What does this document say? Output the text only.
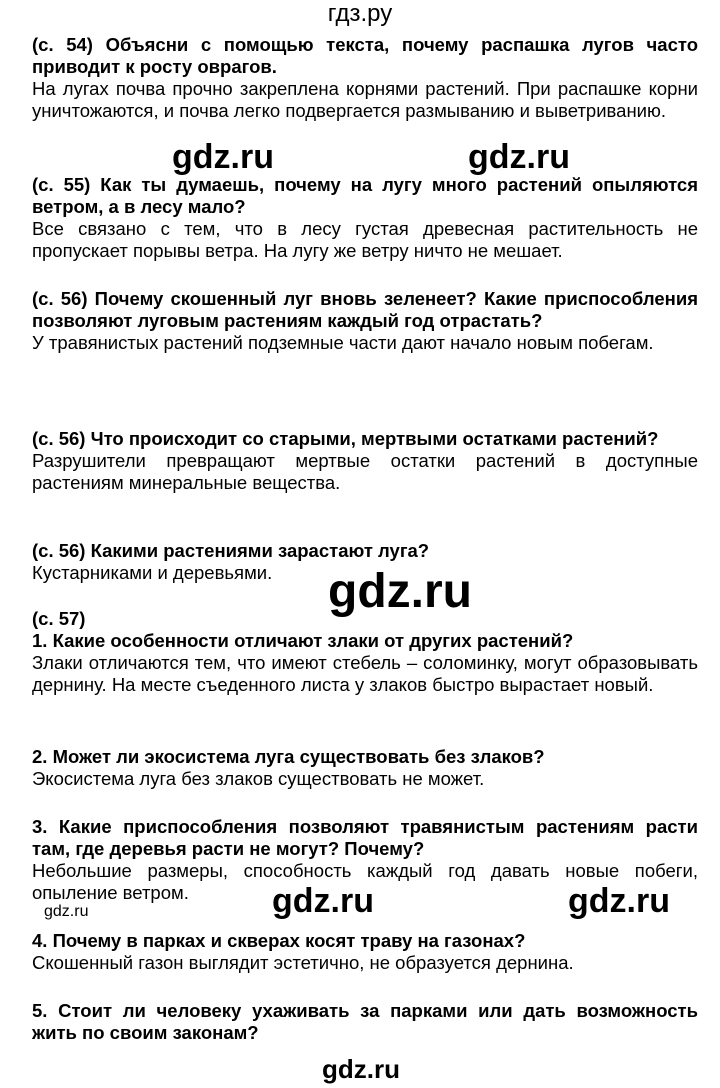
гдз.ру
(с. 54) Объясни с помощью текста, почему распашка лугов часто приводит к росту оврагов.
На лугах почва прочно закреплена корнями растений. При распашке корни уничтожаются, и почва легко подвергается размыванию и выветриванию.
(с. 55) Как ты думаешь, почему на лугу много растений опыляются ветром, а в лесу мало?
Все связано с тем, что в лесу густая древесная растительность не пропускает порывы ветра. На лугу же ветру ничто не мешает.
(с. 56) Почему скошенный луг вновь зеленеет? Какие приспособления позволяют луговым растениям каждый год отрастать?
У травянистых растений подземные части дают начало новым побегам.
(с. 56) Что происходит со старыми, мертвыми остатками растений?
Разрушители превращают мертвые остатки растений в доступные растениям минеральные вещества.
(с. 56) Какими растениями зарастают луга?
Кустарниками и деревьями.
(с. 57)
1. Какие особенности отличают злаки от других растений?
Злаки отличаются тем, что имеют стебель – соломинку, могут образовывать дернину. На месте съеденного листа у злаков быстро вырастает новый.
2. Может ли экосистема луга существовать без злаков?
Экосистема луга без злаков существовать не может.
3. Какие приспособления позволяют травянистым растениям расти там, где деревья расти не могут? Почему?
Небольшие размеры, способность каждый год давать новые побеги, опыление ветром.
4. Почему в парках и скверах косят траву на газонах?
Скошенный газон выглядит эстетично, не образуется дернина.
5. Стоит ли человеку ухаживать за парками или дать возможность жить по своим законам?
gdz.ru	gdz.ru
gdz.ru
gdz.ru	gdz.ru
gdz.ru
gdz.ru
